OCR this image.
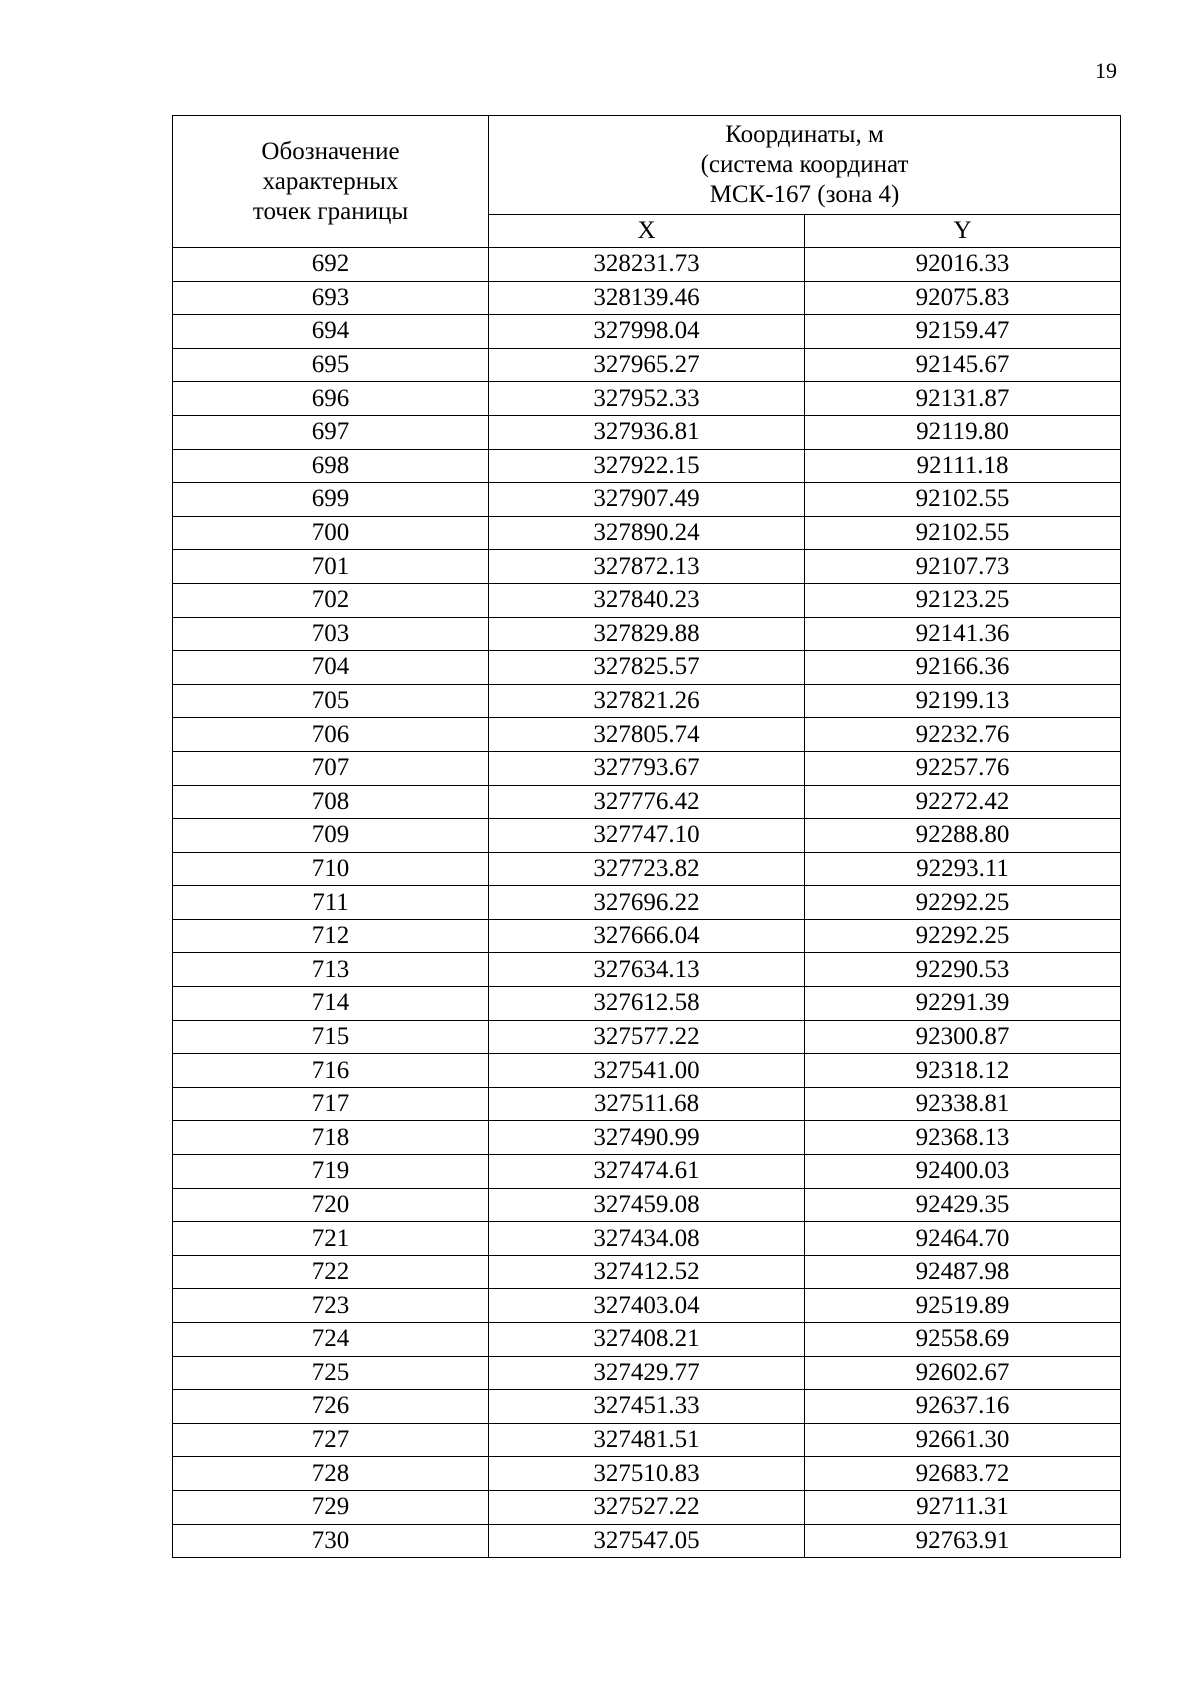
19
Обозначение
характерных
точек границы	Координаты, м
(система координат
МСК-167 (зона 4)	

	X	Y
692	328231.73	92016.33
693	328139.46	92075.83
694	327998.04	92159.47
695	327965.27	92145.67
696	327952.33	92131.87
697	327936.81	92119.80
698	327922.15	92111.18
699	327907.49	92102.55
700	327890.24	92102.55
701	327872.13	92107.73
702	327840.23	92123.25
703	327829.88	92141.36
704	327825.57	92166.36
705	327821.26	92199.13
706	327805.74	92232.76
707	327793.67	92257.76
708	327776.42	92272.42
709	327747.10	92288.80
710	327723.82	92293.11
711	327696.22	92292.25
712	327666.04	92292.25
713	327634.13	92290.53
714	327612.58	92291.39
715	327577.22	92300.87
716	327541.00	92318.12
717	327511.68	92338.81
718	327490.99	92368.13
719	327474.61	92400.03
720	327459.08	92429.35
721	327434.08	92464.70
722	327412.52	92487.98
723	327403.04	92519.89
724	327408.21	92558.69
725	327429.77	92602.67
726	327451.33	92637.16
727	327481.51	92661.30
728	327510.83	92683.72
729	327527.22	92711.31
730	327547.05	92763.91
